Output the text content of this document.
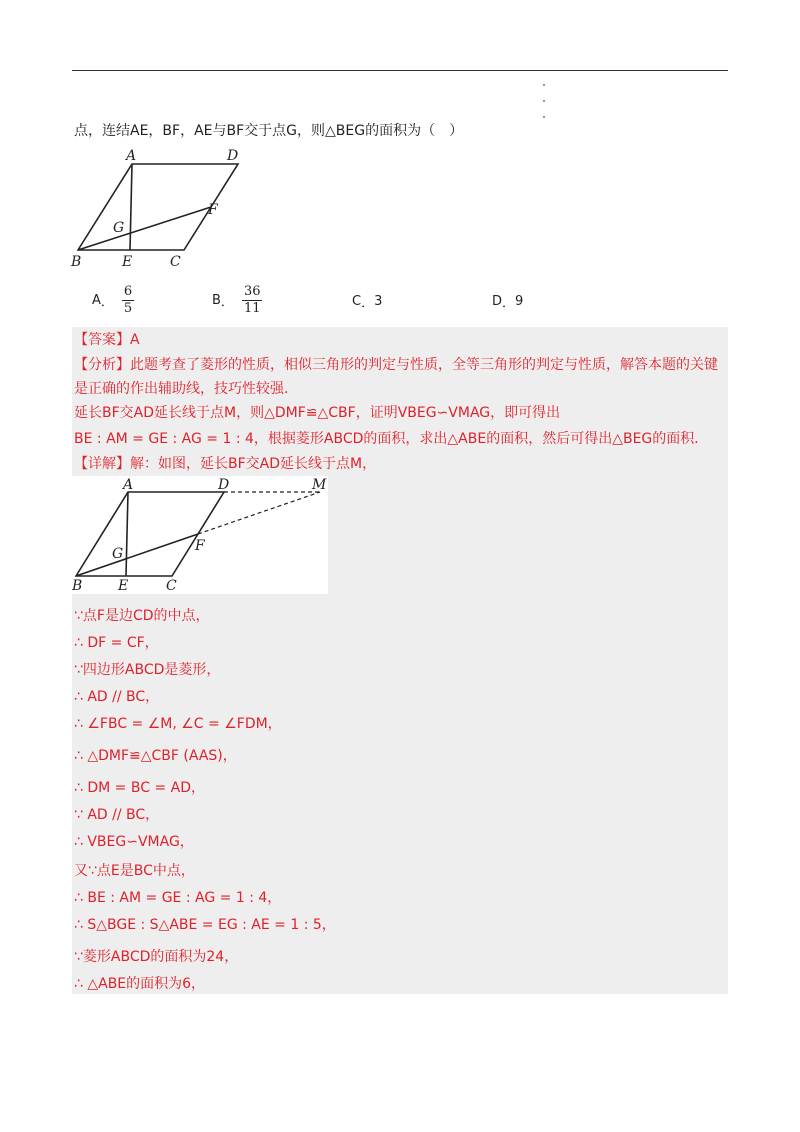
点，连结AE，BF，AE与BF交于点G，则△BEG的面积为（　）
A	D
F
G
B	E	C
A ． $\frac{6}{5}$	B ． $\frac{36}{11}$	C ． 3	D ． 9
【答案】A
【分析】此题考查了菱形的性质，相似三角形的判定与性质，全等三角形的判定与性质，解答本题的关键
是正确的作出辅助线，技巧性较强．
延长BF交AD延长线于点M，则△DMF≌△CBF，证明VBEG∽VMAG，即可得出
BE : AM = GE : AG = 1 : 4，根据菱形ABCD的面积，求出△ABE的面积，然后可得出△BEG的面积．
【详解】解：如图，延长BF交AD延长线于点M，
A	D	M
G	F
B	E	C
∵点F是边CD的中点，
∴ DF = CF，
∵四边形ABCD是菱形，
∴ AD // BC，
∴ ∠FBC = ∠M, ∠C = ∠FDM，
∴ △DMF≌△CBF (AAS)，
∴ DM = BC = AD，
∵ AD // BC，
∴ VBEG∽VMAG，
又∵点E是BC中点，
∴ BE : AM = GE : AG = 1 : 4，
∴ S△BGE : S△ABE = EG : AE = 1 : 5，
∵菱形ABCD的面积为24，
∴ △ABE的面积为6，
